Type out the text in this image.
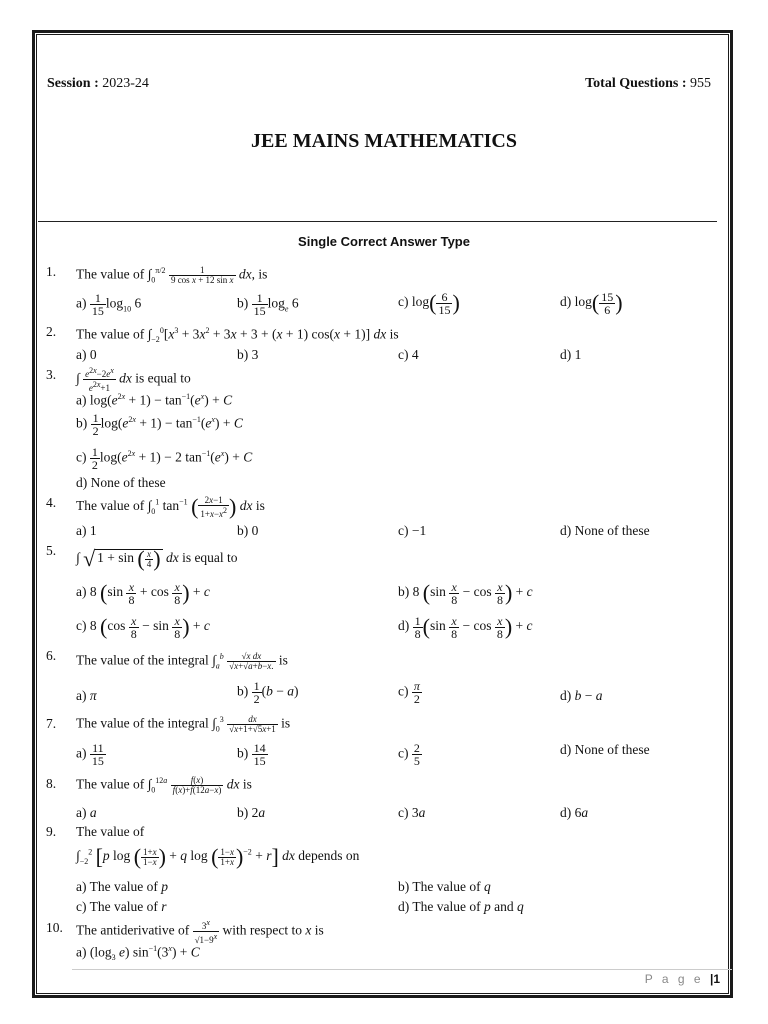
Session : 2023-24	Total Questions : 955
JEE MAINS MATHEMATICS
Single Correct Answer Type
1. The value of $\int_0^{\pi/2} \frac{1}{\text{9 cos x + 12 sin x}}$ dx, is
$a) \frac{1}{15} \log_{10} 6$	$b) \frac{1}{15} \log_e 6$	c) $\log( \frac{6}{15}$ )	d) $\log( \frac{15}{6}$ )
2. The value of $\int_{-2}^0[x^3 + 3x^2 + 3x + 3 + (x + 1) \cos(x + 1)]$ dx is
a) 0	b) 3	c) 4	d) 1
3. ∫ $\frac{e^{2x}-2e^x}{e^{2x}+1}$ dx is equal to
a) $\log(e^{2x} + 1) - \tan^{-1}(e^x) + C$
$b) \frac{1}{2} \log(e^{2x} + 1) - \tan^{-1}(e^x) + C$
$c) \frac{1}{2} \log(e^{2x} + 1) - 2$ $\tan^{-1}(e^x) + C$
d) None of these
4. The value of $\int_0^1$ $\tan^{-1}$ ( $\frac{2x-1}{1+x-x^2}$ ) dx is
a) 1	b) 0	c) −1	d) None of these
5. ∫ √ 1 + sin ( $\frac{x}{4}$ ) dx is equal to
a) 8 ($\sin \frac{x}{8} + \cos \frac{x}{8}$ ) + c	b) 8 ($\sin \frac{x}{8} - \cos \frac{x}{8}$ ) + c
c) 8 ($\cos \frac{x}{8} - \sin \frac{x}{8}$ ) + c	$d) \frac{1}{8} (\sin \frac{x}{8} - \cos \frac{x}{8}$ ) + c
6. The value of the integral $\int_a^b \frac{\text{√x dx}}{√x+√a+b-x.}$ is
a) π	$b) \frac{1}{2} (b - a)$	$c) \frac{\pi}{2}$	d) b − a
7. The value of the integral $\int_0^3 \frac{dx}{√x+1+√5x+1}$ is
$a) \frac{11}{15}$	$b) \frac{14}{15}$	$c) \frac{2}{5}$	d) None of these
8. The value of $\int_0^{12a} \frac{f(x)}{f(x)+f(12a-x)}$ dx is
a) a	b) 2a	c) 3a	d) 6a
9. The value of
$\int_{-2}^2$ [p log ( $\frac{1+x}{1-x}$ ) + q log ( $\frac{1-x}{1+x} )^{-2} + r$] dx depends on
a) The value of p	b) The value of q
c) The value of r	d) The value of p and q
10. The antiderivative of $\frac{3^x}{√1-9^x}$ with respect to x is
a) ($\log_3$ e) $\sin^{-1}(3^x) + C$
P a g e |1
